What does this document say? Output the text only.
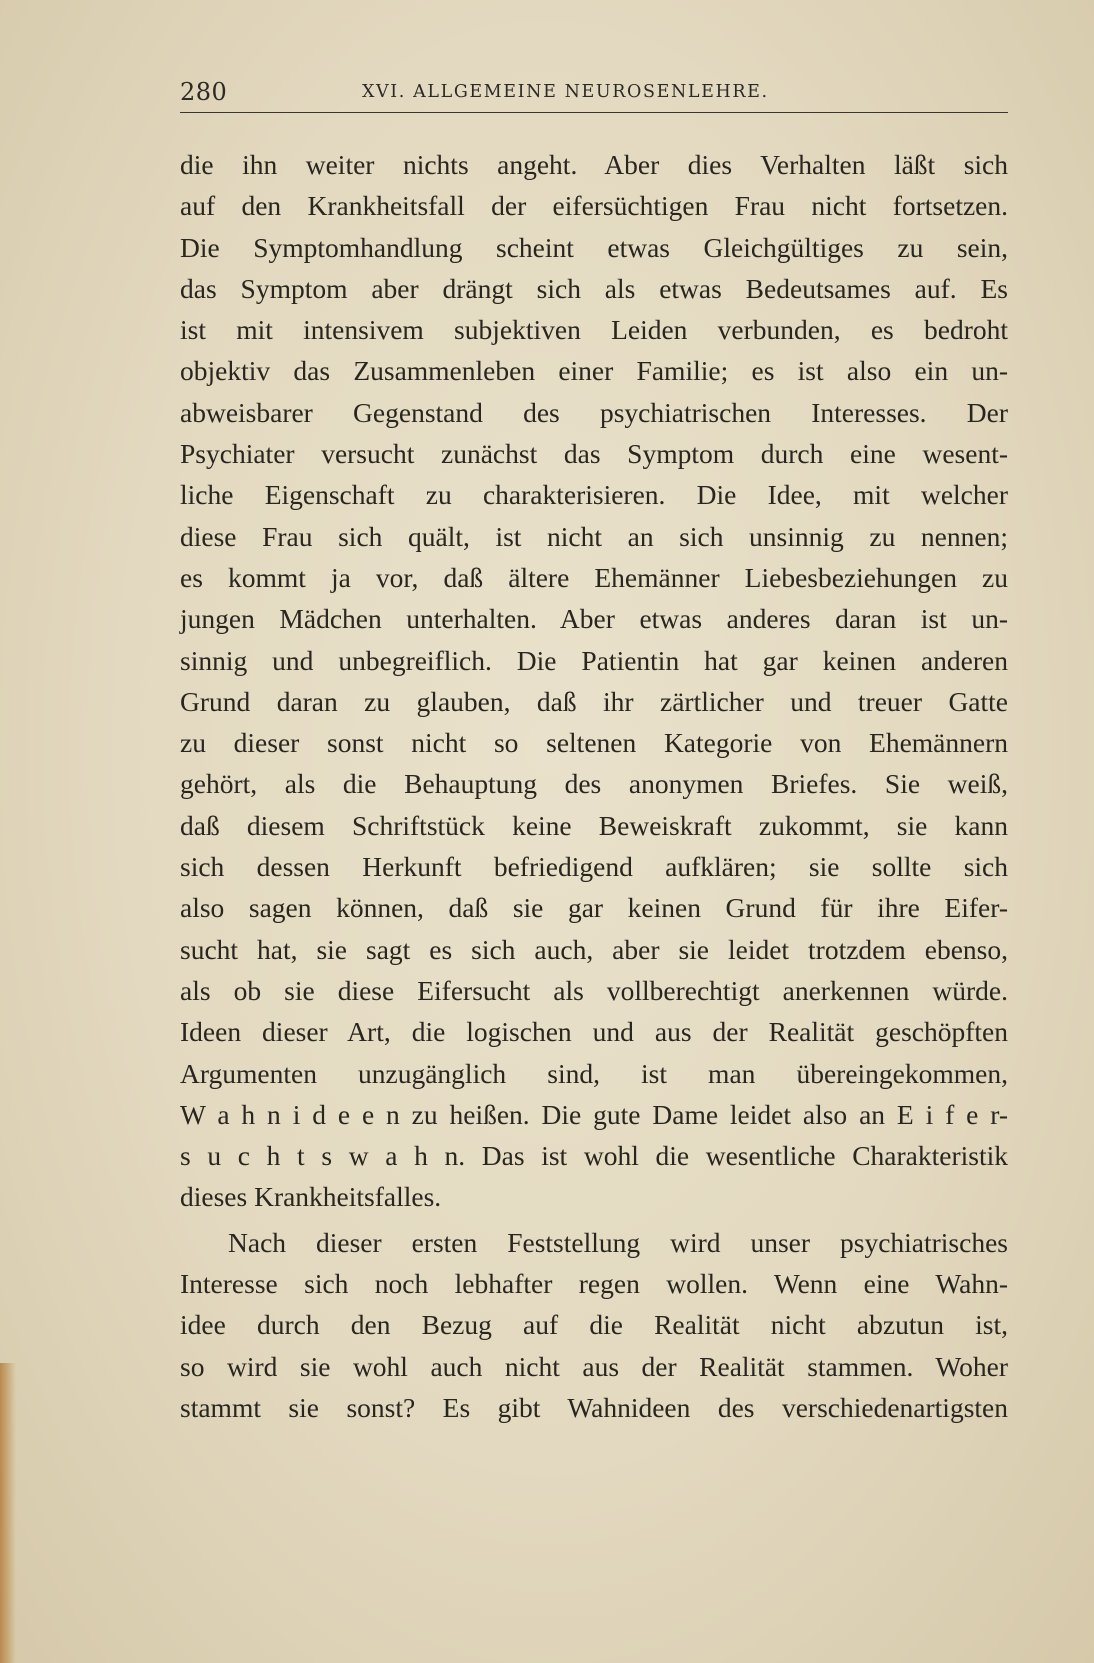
280	XVI. ALLGEMEINE NEUROSENLEHRE.
die ihn weiter nichts angeht. Aber dies Verhalten läßt sich
auf den Krankheitsfall der eifersüchtigen Frau nicht fortsetzen.
Die Symptomhandlung scheint etwas Gleichgültiges zu sein,
das Symptom aber drängt sich als etwas Bedeutsames auf. Es
ist mit intensivem subjektiven Leiden verbunden, es bedroht
objektiv das Zusammenleben einer Familie; es ist also ein un-
abweisbarer Gegenstand des psychiatrischen Interesses. Der
Psychiater versucht zunächst das Symptom durch eine wesent-
liche Eigenschaft zu charakterisieren. Die Idee, mit welcher
diese Frau sich quält, ist nicht an sich unsinnig zu nennen;
es kommt ja vor, daß ältere Ehemänner Liebesbeziehungen zu
jungen Mädchen unterhalten. Aber etwas anderes daran ist un-
sinnig und unbegreiflich. Die Patientin hat gar keinen anderen
Grund daran zu glauben, daß ihr zärtlicher und treuer Gatte
zu dieser sonst nicht so seltenen Kategorie von Ehemännern
gehört, als die Behauptung des anonymen Briefes. Sie weiß,
daß diesem Schriftstück keine Beweiskraft zukommt, sie kann
sich dessen Herkunft befriedigend aufklären; sie sollte sich
also sagen können, daß sie gar keinen Grund für ihre Eifer-
sucht hat, sie sagt es sich auch, aber sie leidet trotzdem ebenso,
als ob sie diese Eifersucht als vollberechtigt anerkennen würde.
Ideen dieser Art, die logischen und aus der Realität geschöpften
Argumenten unzugänglich sind, ist man übereingekommen,
W a h n i d e e n zu heißen. Die gute Dame leidet also an E i f e r-
s u c h t s w a h n. Das ist wohl die wesentliche Charakteristik
dieses Krankheitsfalles.
Nach dieser ersten Feststellung wird unser psychiatrisches
Interesse sich noch lebhafter regen wollen. Wenn eine Wahn-
idee durch den Bezug auf die Realität nicht abzutun ist,
so wird sie wohl auch nicht aus der Realität stammen. Woher
stammt sie sonst? Es gibt Wahnideen des verschiedenartigsten
